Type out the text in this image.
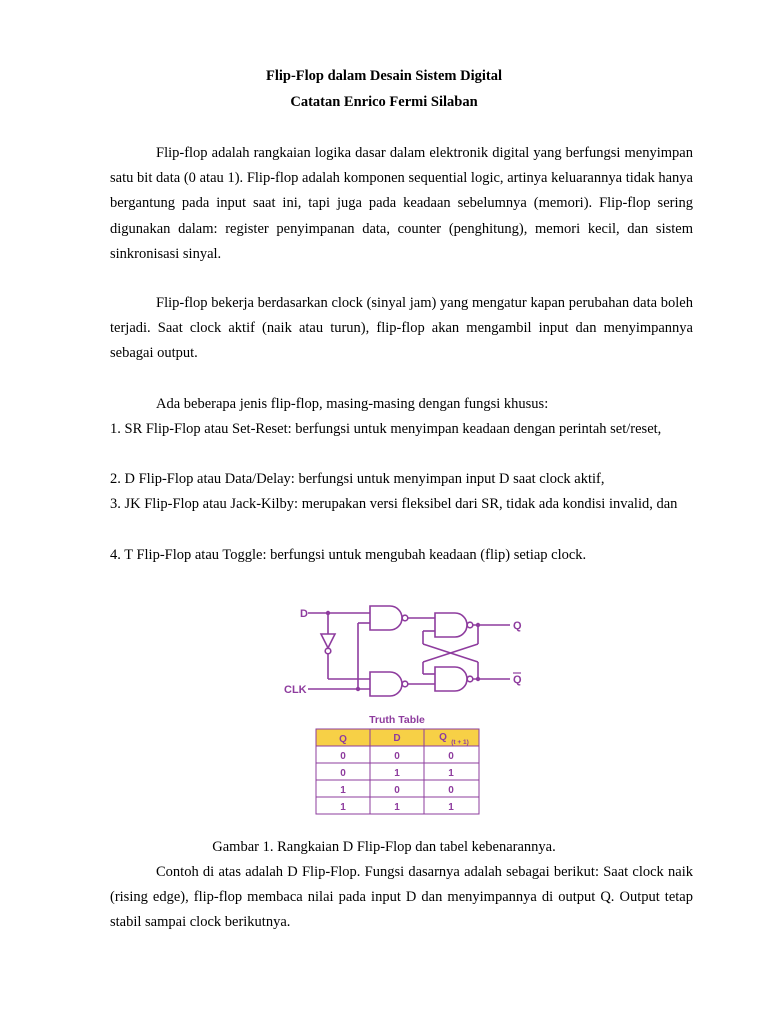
Flip-Flop dalam Desain Sistem Digital
Catatan Enrico Fermi Silaban

Flip-flop adalah rangkaian logika dasar dalam elektronik digital yang berfungsi menyimpan satu bit data (0 atau 1). Flip-flop adalah komponen sequential logic, artinya keluarannya tidak hanya bergantung pada input saat ini, tapi juga pada keadaan sebelumnya (memori). Flip-flop sering digunakan dalam: register penyimpanan data, counter (penghitung), memori kecil, dan sistem sinkronisasi sinyal.

Flip-flop bekerja berdasarkan clock (sinyal jam) yang mengatur kapan perubahan data boleh terjadi. Saat clock aktif (naik atau turun), flip-flop akan mengambil input dan menyimpannya sebagai output.

Ada beberapa jenis flip-flop, masing-masing dengan fungsi khusus:
1. SR Flip-Flop atau Set-Reset: berfungsi untuk menyimpan keadaan dengan perintah set/reset,
2. D Flip-Flop atau Data/Delay: berfungsi untuk menyimpan input D saat clock aktif,
3. JK Flip-Flop atau Jack-Kilby: merupakan versi fleksibel dari SR, tidak ada kondisi invalid, dan
4. T Flip-Flop atau Toggle: berfungsi untuk mengubah keadaan (flip) setiap clock.
D
CLK
Q
Q
Truth Table
Q	D	Q (t + 1)
0	0	0
0	1	1
1	0	0
1	1	1
Gambar 1. Rangkaian D Flip-Flop dan tabel kebenarannya.

Contoh di atas adalah D Flip-Flop. Fungsi dasarnya adalah sebagai berikut: Saat clock naik (rising edge), flip-flop membaca nilai pada input D dan menyimpannya di output Q. Output tetap stabil sampai clock berikutnya.
